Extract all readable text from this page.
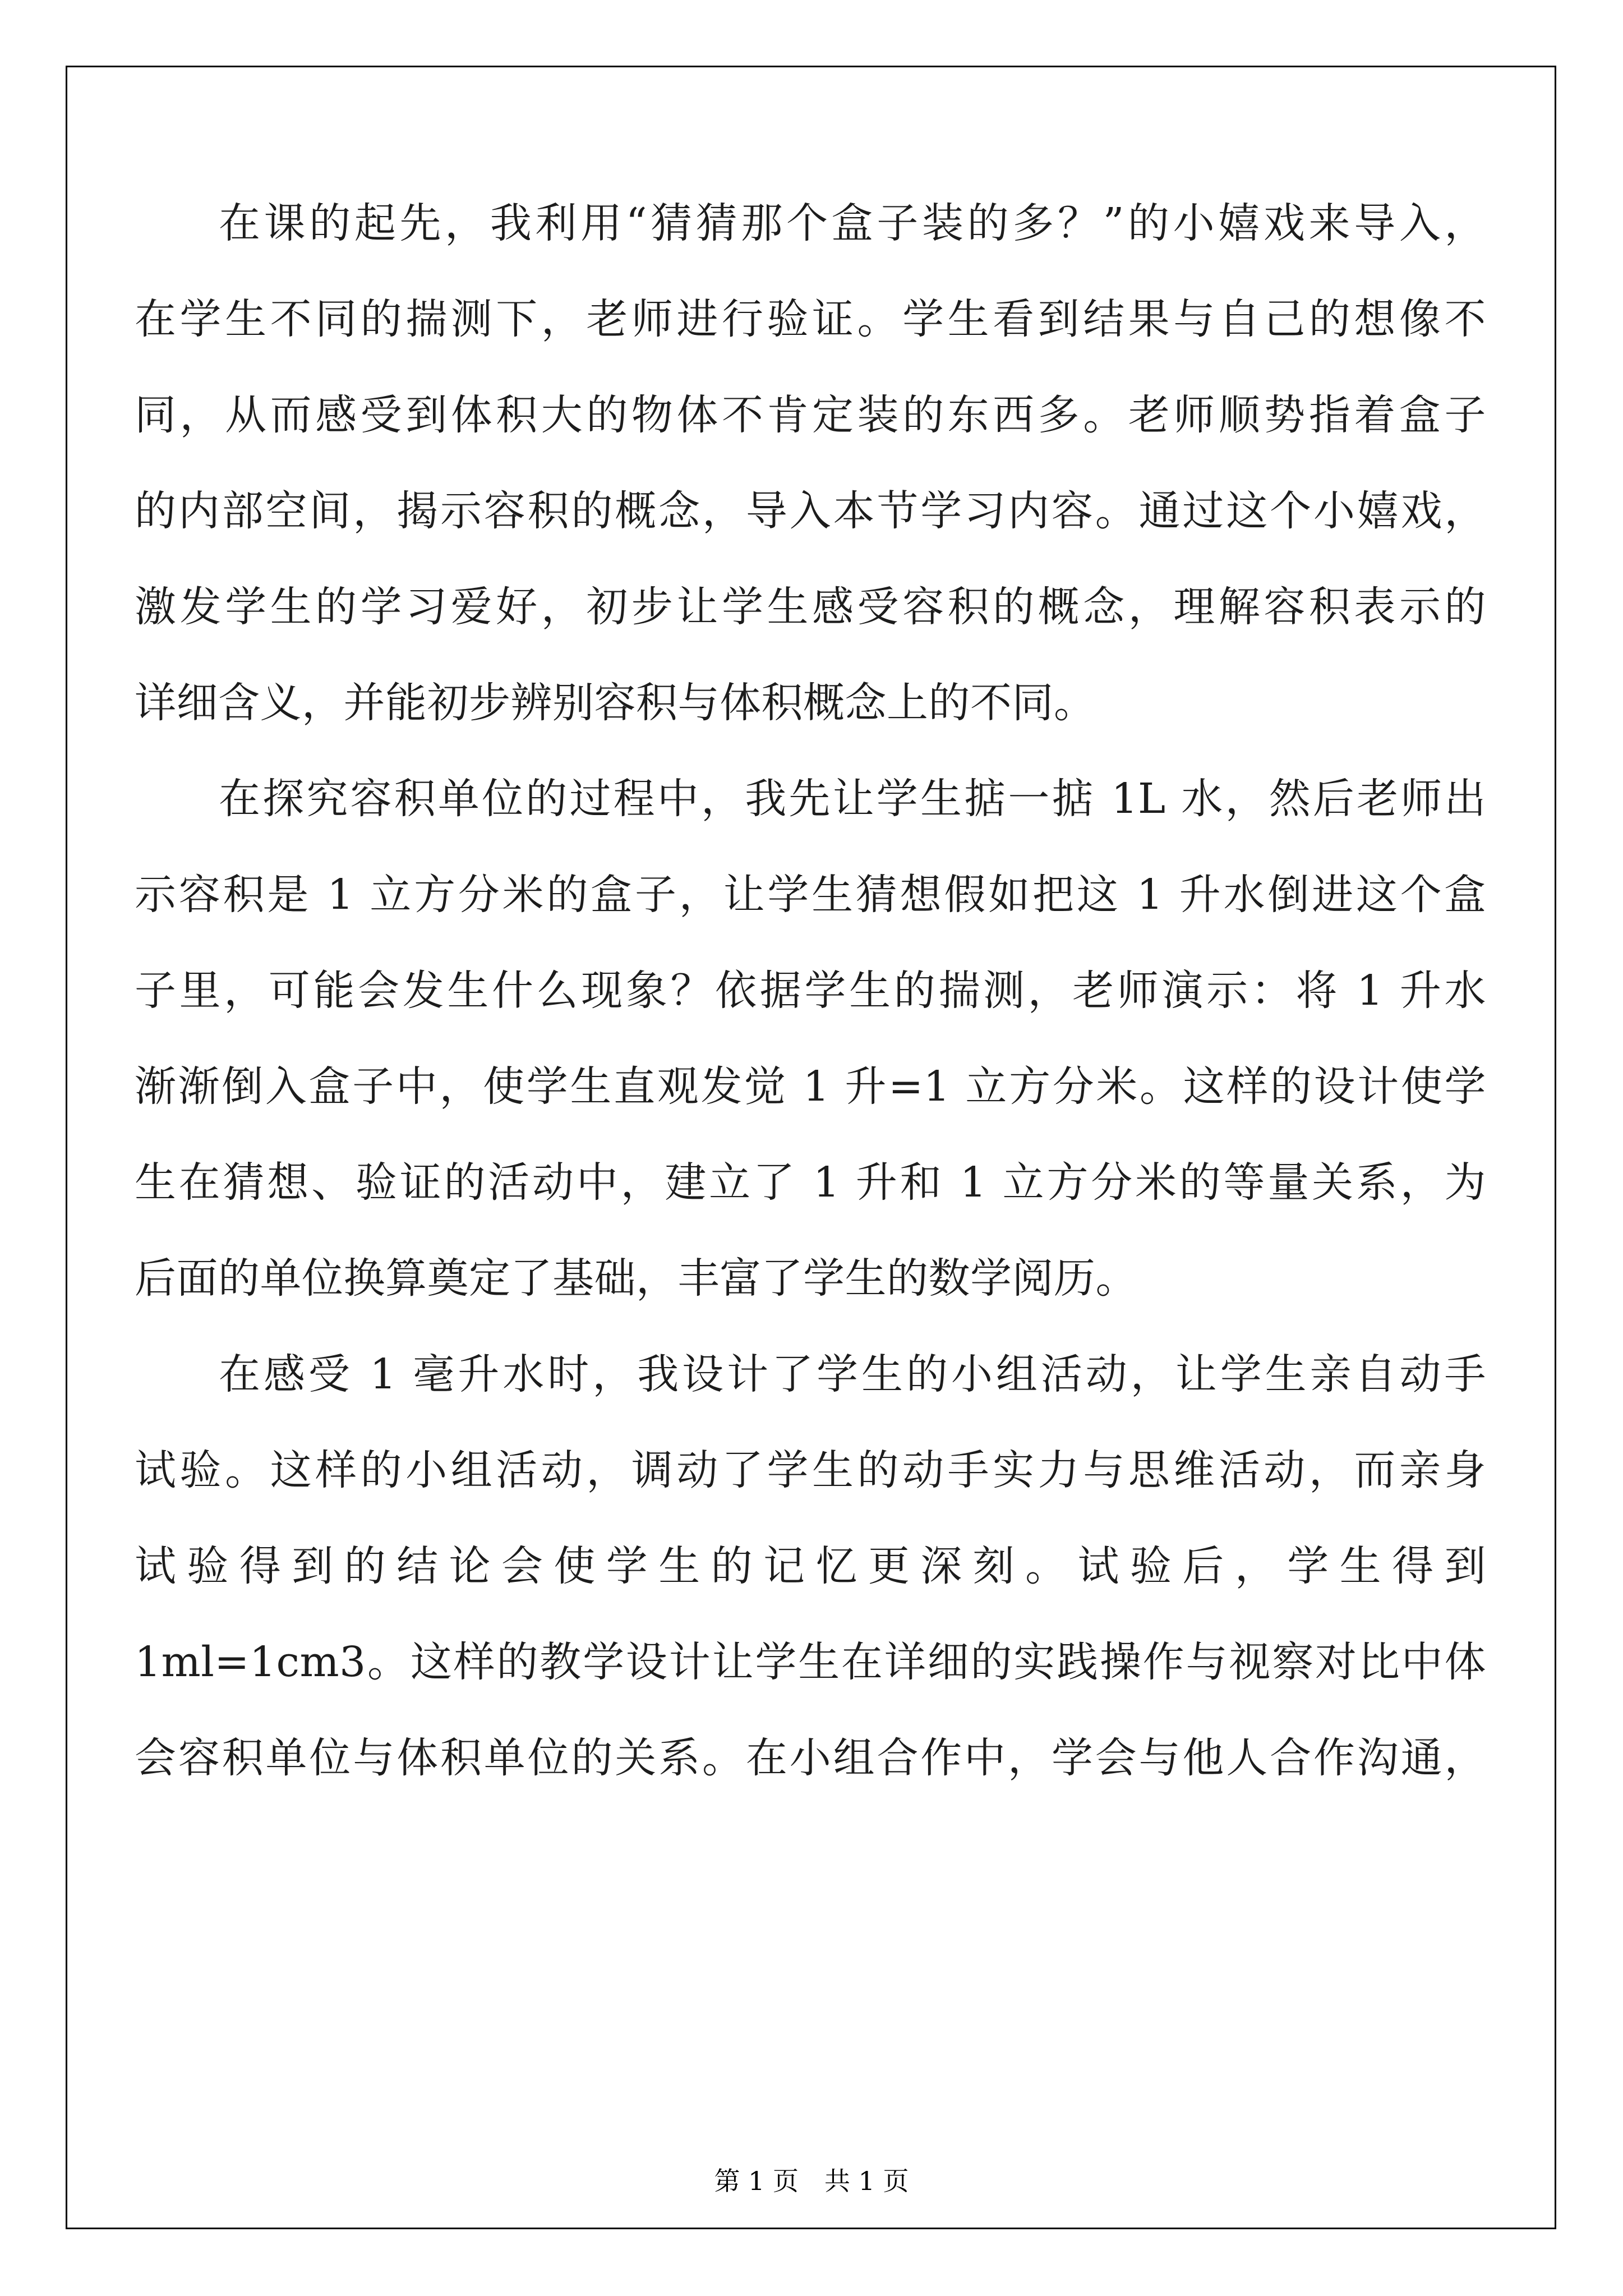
在课的起先，我利用“猜猜那个盒子装的多？”的小嬉戏来导入，
在学生不同的揣测下，老师进行验证。学生看到结果与自己的想像不
同，从而感受到体积大的物体不肯定装的东西多。老师顺势指着盒子
的内部空间，揭示容积的概念，导入本节学习内容。通过这个小嬉戏，
激发学生的学习爱好，初步让学生感受容积的概念，理解容积表示的
详细含义，并能初步辨别容积与体积概念上的不同。
在探究容积单位的过程中，我先让学生掂一掂 1L 水，然后老师出
示容积是 1 立方分米的盒子，让学生猜想假如把这 1 升水倒进这个盒
子里，可能会发生什么现象？依据学生的揣测，老师演示：将 1 升水
渐渐倒入盒子中，使学生直观发觉 1 升=1 立方分米。这样的设计使学
生在猜想、验证的活动中，建立了 1 升和 1 立方分米的等量关系，为
后面的单位换算奠定了基础，丰富了学生的数学阅历。
在感受 1 毫升水时，我设计了学生的小组活动，让学生亲自动手
试验。这样的小组活动，调动了学生的动手实力与思维活动，而亲身
试验得到的结论会使学生的记忆更深刻。试验后，学生得到
1ml=1cm3。这样的教学设计让学生在详细的实践操作与视察对比中体
会容积单位与体积单位的关系。在小组合作中，学会与他人合作沟通，
第 1 页　共 1 页
